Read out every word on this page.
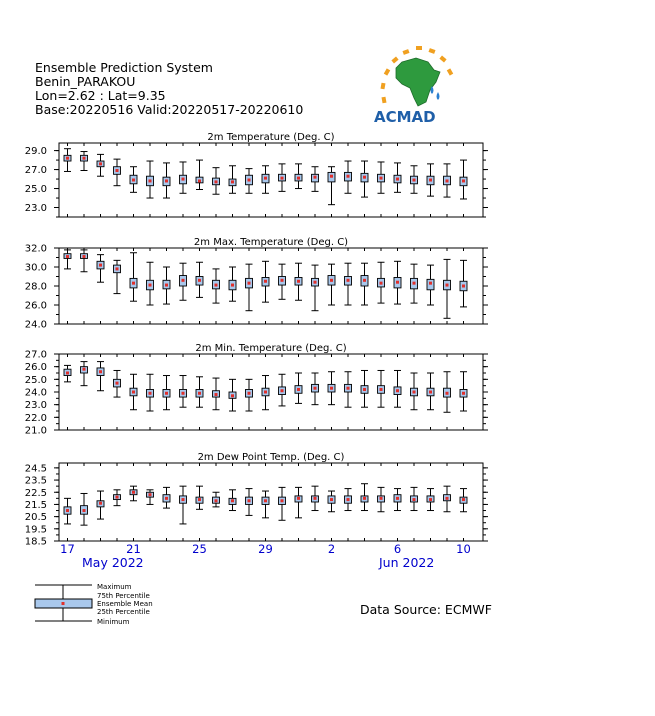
Ensemble Prediction System
Benin_PARAKOU
Lon=2.62 : Lat=9.35
Base:20220516 Valid:20220517-20220610	ACMAD
2m Temperature (Deg. C)
29.0
27.0
25.0
23.0
2m Max. Temperature (Deg. C)
32.0
30.0
28.0
26.0
24.0
2m Min. Temperature (Deg. C)
27.0
26.0
25.0
24.0
23.0
22.0
21.0
2m Dew Point Temp. (Deg. C)
24.5
23.5
22.5
21.5
20.5
19.5
18.5 17	21	25	29	2	6	10
May 2022	Jun 2022
Maximum
75th Percentile
Ensemble Mean
25th Percentile
Minimum
Data Source: ECMWF
